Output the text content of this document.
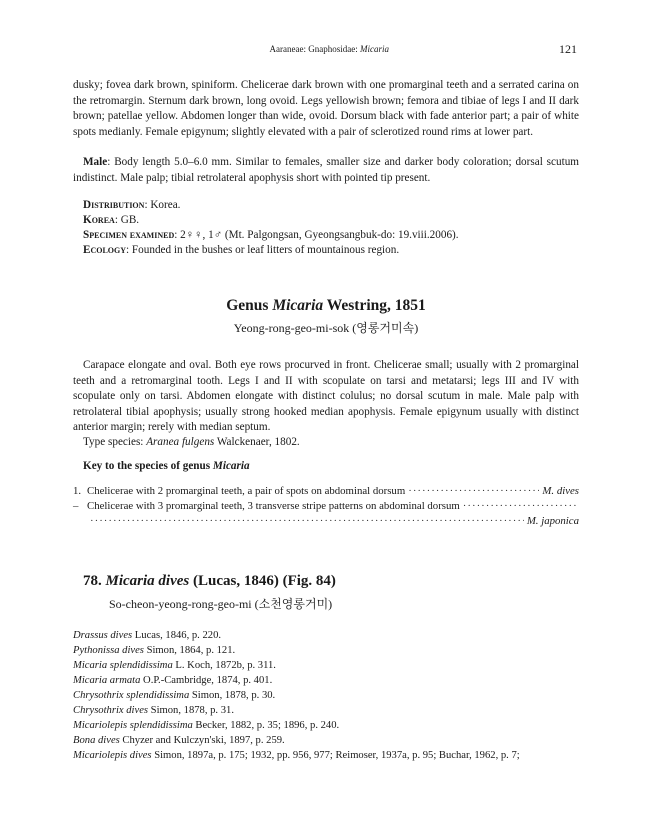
Aaraneae: Gnaphosidae: Micaria	121

dusky; fovea dark brown, spiniform. Chelicerae dark brown with one promarginal teeth and a serrated carina on the retromargin. Sternum dark brown, long ovoid. Legs yellowish brown; femora and tibiae of legs I and II dark brown; patellae yellow. Abdomen longer than wide, ovoid. Dorsum black with fade anterior part; a pair of white spots medianly. Female epigynum; slightly elevated with a pair of sclerotized round rims at lower part.

Male: Body length 5.0–6.0 mm. Similar to females, smaller size and darker body coloration; dorsal scutum indistinct. Male palp; tibial retrolateral apophysis short with pointed tip present.

Distribution: Korea.

Korea: GB.

Specimen examined: 2♀♀, 1♂ (Mt. Palgongsan, Gyeongsangbuk-do: 19.viii.2006).

Ecology: Founded in the bushes or leaf litters of mountainous region.

Genus Micaria Westring, 1851

Yeong-rong-geo-mi-sok (영롱거미속)

Carapace elongate and oval. Both eye rows procurved in front. Chelicerae small; usually with 2 promarginal teeth and a retromarginal tooth. Legs I and II with scopulate on tarsi and metatarsi; legs III and IV with scopulate only on tarsi. Abdomen elongate with distinct colulus; no dorsal scutum in male. Male palp with retrolateral tibial apophysis; usually strong hooked median apophysis. Female epigynum usually with distinct anterior margin; rerely with median septum.

Type species: Aranea fulgens Walckenaer, 1802.

Key to the species of genus Micaria

1. Chelicerae with 2 promarginal teeth, a pair of spots on abdominal dorsum
·····	M. dives
– Chelicerae with 3 promarginal teeth, 3 transverse stripe patterns on abdominal dorsum
·····
·····
M. japonica
78. Micaria dives (Lucas, 1846) (Fig. 84)

So-cheon-yeong-rong-geo-mi (소천영롱거미)

Drassus dives Lucas, 1846, p. 220.

Pythonissa dives Simon, 1864, p. 121.

Micaria splendidissima L. Koch, 1872b, p. 311.

Micaria armata O.P.-Cambridge, 1874, p. 401.

Chrysothrix splendidissima Simon, 1878, p. 30.

Chrysothrix dives Simon, 1878, p. 31.

Micariolepis splendidissima Becker, 1882, p. 35; 1896, p. 240.

Bona dives Chyzer and Kulczyn'ski, 1897, p. 259.

Micariolepis dives Simon, 1897a, p. 175; 1932, pp. 956, 977; Reimoser, 1937a, p. 95; Buchar, 1962, p. 7;
